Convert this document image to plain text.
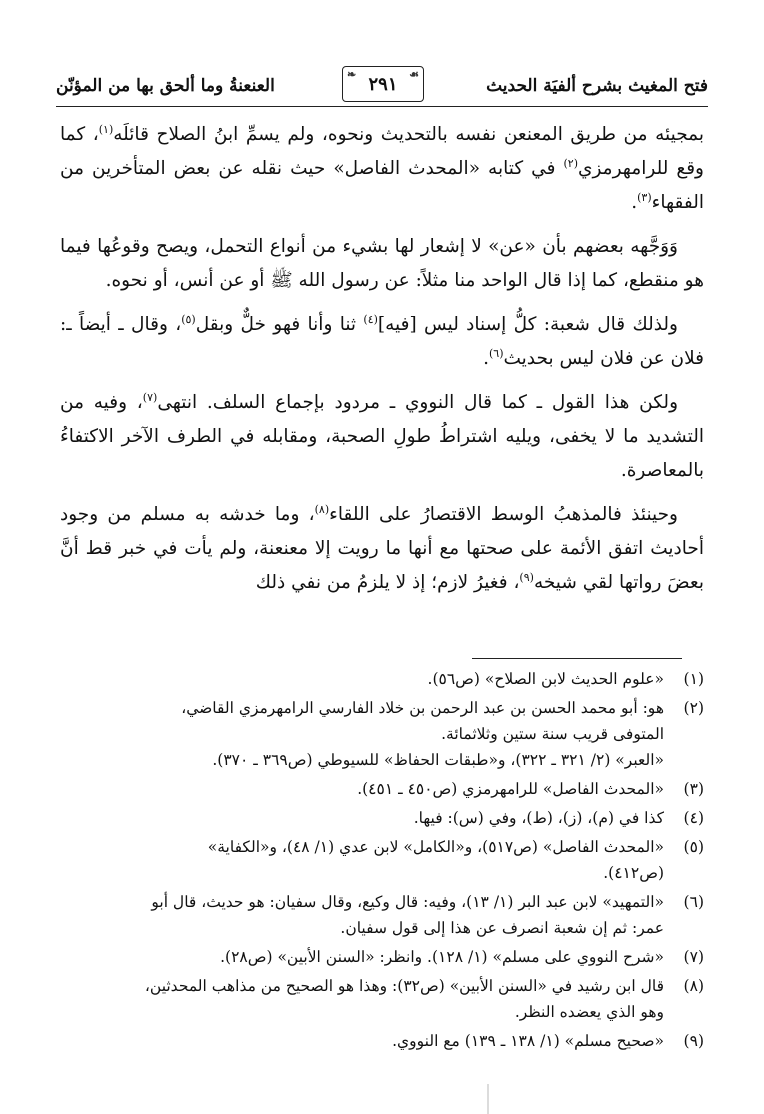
فتح المغيث بشرح ألفيَة الحديث
❧ ٢٩١ ☙
العنعنةُ وما ألحق بها من المؤنّن

بمجيئه من طريق المعنعن نفسه بالتحديث ونحوه، ولم يسمِّ ابنُ الصلاح قائلَه$^{(١)}$، كما وقع للرامهرمزي$^{(٢)}$ في كتابه «المحدث الفاصل» حيث نقله عن بعض المتأخرين من الفقهاء$^{(٣)}$.

وَوَجَّهه بعضهم بأن «عن» لا إشعار لها بشيء من أنواع التحمل، ويصح وقوعُها فيما هو منقطع، كما إذا قال الواحد منا مثلاً: عن رسول الله ﷺ أو عن أنس، أو نحوه.

ولذلك قال شعبة: كلُّ إسناد ليس [فيه]$^{(٤)}$ ثنا وأنا فهو خلٌّ وبقل$^{(٥)}$، وقال ـ أيضاً ـ: فلان عن فلان ليس بحديث$^{(٦)}$.

ولكن هذا القول ـ كما قال النووي ـ مردود بإجماع السلف. انتهى$^{(٧)}$، وفيه من التشديد ما لا يخفى، ويليه اشتراطُ طولِ الصحبة، ومقابله في الطرف الآخر الاكتفاءُ بالمعاصرة.

وحينئذ فالمذهبُ الوسط الاقتصارُ على اللقاء$^{(٨)}$، وما خدشه به مسلم من وجود أحاديث اتفق الأئمة على صحتها مع أنها ما رويت إلا معنعنة، ولم يأت في خبر قط أنَّ بعضَ رواتها لقي شيخه$^{(٩)}$، فغيرُ لازم؛ إذ لا يلزمُ من نفي ذلك

(١)
«علوم الحديث لابن الصلاح» (ص٥٦).
(٢)
هو: أبو محمد الحسن بن عبد الرحمن بن خلاد الفارسي الرامهرمزي القاضي،
المتوفى قريب سنة ستين وثلاثمائة.
«العبر» (٢/ ٣٢١ ـ ٣٢٢)، و«طبقات الحفاظ» للسيوطي (ص٣٦٩ ـ ٣٧٠).
(٣)
«المحدث الفاصل» للرامهرمزي (ص٤٥٠ ـ ٤٥١).
(٤)
كذا في (م)، (ز)، (ط)، وفي (س): فيها.
(٥)
«المحدث الفاصل» (ص٥١٧)، و«الكامل» لابن عدي (١/ ٤٨)، و«الكفاية»
(ص٤١٢).
(٦)
«التمهيد» لابن عبد البر (١/ ١٣)، وفيه: قال وكيع، وقال سفيان: هو حديث، قال أبو
عمر: ثم إن شعبة انصرف عن هذا إلى قول سفيان.
(٧)
«شرح النووي على مسلم» (١/ ١٢٨). وانظر: «السنن الأبين» (ص٢٨).
(٨)
قال ابن رشيد في «السنن الأبين» (ص٣٢): وهذا هو الصحيح من مذاهب المحدثين،
وهو الذي يعضده النظر.
(٩)
«صحيح مسلم» (١/ ١٣٨ ـ ١٣٩) مع النووي.
